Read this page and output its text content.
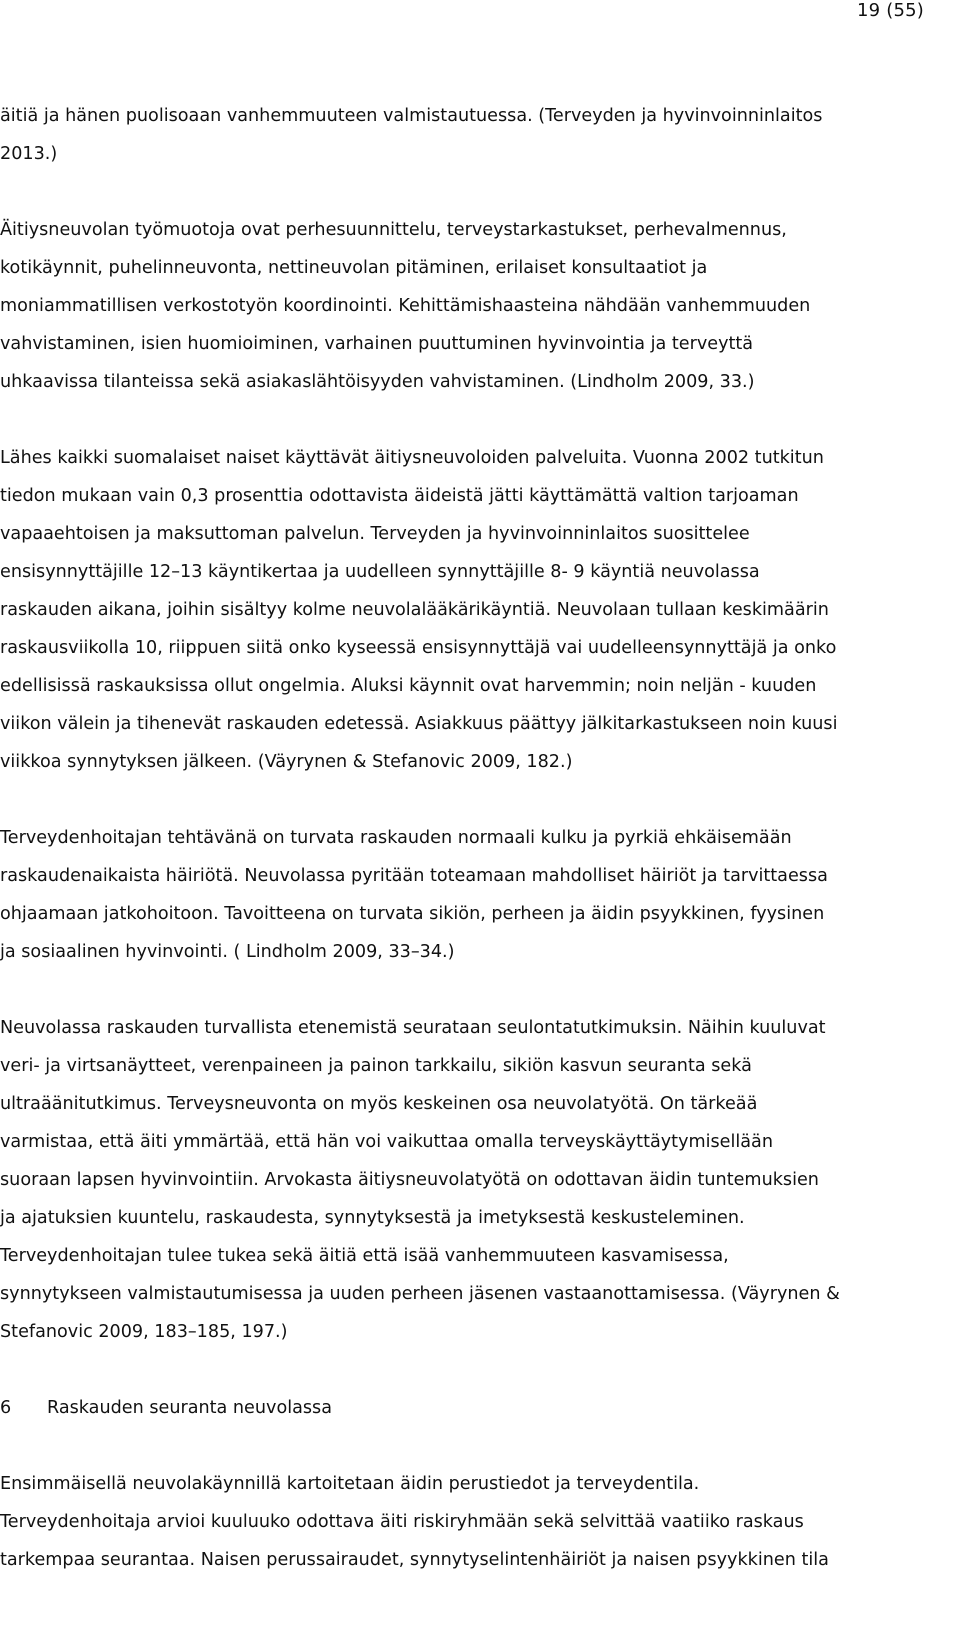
19 (55)

äitiä ja hänen puolisoaan vanhemmuuteen valmistautuessa. (Terveyden ja hyvinvoinninlaitos
2013.)

Äitiysneuvolan työmuotoja ovat perhesuunnittelu, terveystarkastukset, perhevalmennus,
kotikäynnit, puhelinneuvonta, nettineuvolan pitäminen, erilaiset konsultaatiot ja
moniammatillisen verkostotyön koordinointi. Kehittämishaasteina nähdään vanhemmuuden
vahvistaminen, isien huomioiminen, varhainen puuttuminen hyvinvointia ja terveyttä
uhkaavissa tilanteissa sekä asiakaslähtöisyyden vahvistaminen. (Lindholm 2009, 33.)

Lähes kaikki suomalaiset naiset käyttävät äitiysneuvoloiden palveluita. Vuonna 2002 tutkitun
tiedon mukaan vain 0,3 prosenttia odottavista äideistä jätti käyttämättä valtion tarjoaman
vapaaehtoisen ja maksuttoman palvelun. Terveyden ja hyvinvoinninlaitos suosittelee
ensisynnyttäjille 12–13 käyntikertaa ja uudelleen synnyttäjille 8- 9 käyntiä neuvolassa
raskauden aikana, joihin sisältyy kolme neuvolalääkärikäyntiä. Neuvolaan tullaan keskimäärin
raskausviikolla 10, riippuen siitä onko kyseessä ensisynnyttäjä vai uudelleensynnyttäjä ja onko
edellisissä raskauksissa ollut ongelmia. Aluksi käynnit ovat harvemmin; noin neljän - kuuden
viikon välein ja tihenevät raskauden edetessä. Asiakkuus päättyy jälkitarkastukseen noin kuusi
viikkoa synnytyksen jälkeen. (Väyrynen & Stefanovic 2009, 182.)

Terveydenhoitajan tehtävänä on turvata raskauden normaali kulku ja pyrkiä ehkäisemään
raskaudenaikaista häiriötä. Neuvolassa pyritään toteamaan mahdolliset häiriöt ja tarvittaessa
ohjaamaan jatkohoitoon. Tavoitteena on turvata sikiön, perheen ja äidin psyykkinen, fyysinen
ja sosiaalinen hyvinvointi. ( Lindholm 2009, 33–34.)

Neuvolassa raskauden turvallista etenemistä seurataan seulontatutkimuksin. Näihin kuuluvat
veri- ja virtsanäytteet, verenpaineen ja painon tarkkailu, sikiön kasvun seuranta sekä
ultraäänitutkimus. Terveysneuvonta on myös keskeinen osa neuvolatyötä. On tärkeää
varmistaa, että äiti ymmärtää, että hän voi vaikuttaa omalla terveyskäyttäytymisellään
suoraan lapsen hyvinvointiin. Arvokasta äitiysneuvolatyötä on odottavan äidin tuntemuksien
ja ajatuksien kuuntelu, raskaudesta, synnytyksestä ja imetyksestä keskusteleminen.
Terveydenhoitajan tulee tukea sekä äitiä että isää vanhemmuuteen kasvamisessa,
synnytykseen valmistautumisessa ja uuden perheen jäsenen vastaanottamisessa. (Väyrynen &
Stefanovic 2009, 183–185, 197.)

6 Raskauden seuranta neuvolassa

Ensimmäisellä neuvolakäynnillä kartoitetaan äidin perustiedot ja terveydentila.
Terveydenhoitaja arvioi kuuluuko odottava äiti riskiryhmään sekä selvittää vaatiiko raskaus
tarkempaa seurantaa. Naisen perussairaudet, synnytyselintenhäiriöt ja naisen psyykkinen tila
